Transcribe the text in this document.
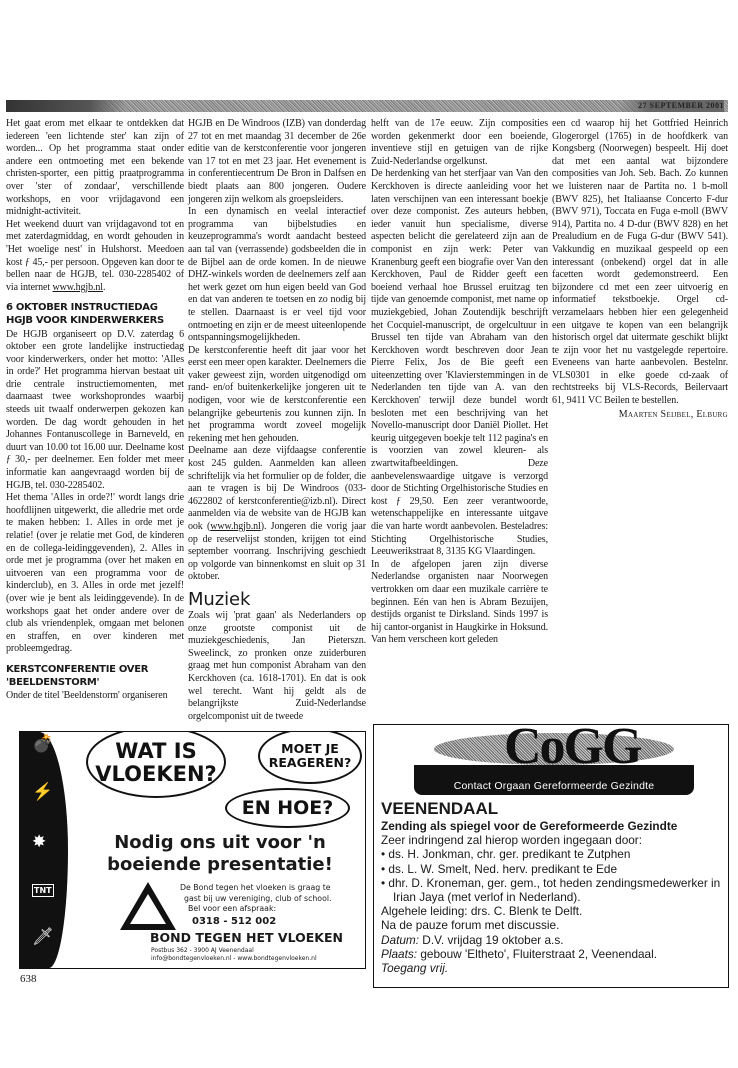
27 SEPTEMBER 2001

Het gaat erom met elkaar te ontdekken dat iedereen 'een lichtende ster' kan zijn of worden... Op het programma staat onder andere een ontmoeting met een bekende christen-sporter, een pittig praatprogramma over 'ster of zondaar', verschillende workshops, en voor vrijdagavond een midnight-activiteit.

Het weekend duurt van vrijdagavond tot en met zaterdagmiddag, en wordt gehouden in 'Het woelige nest' in Hulshorst. Meedoen kost ƒ 45,- per persoon. Opgeven kan door te bellen naar de HGJB, tel. 030-2285402 of via internet www.hgjb.nl.

6 OKTOBER INSTRUCTIEDAG HGJB VOOR KINDERWERKERS

De HGJB organiseert op D.V. zaterdag 6 oktober een grote landelijke instructiedag voor kinderwerkers, onder het motto: 'Alles in orde?' Het programma hiervan bestaat uit drie centrale instructiemomenten, met daarnaast twee workshoprondes waarbij steeds uit twaalf onderwerpen gekozen kan worden. De dag wordt gehouden in het Johannes Fontanuscollege in Barneveld, en duurt van 10.00 tot 16.00 uur. Deelname kost ƒ 30,- per deelnemer. Een folder met meer informatie kan aangevraagd worden bij de HGJB, tel. 030-2285402.

Het thema 'Alles in orde?!' wordt langs drie hoofdlijnen uitgewerkt, die alledrie met orde te maken hebben: 1. Alles in orde met je relatie! (over je relatie met God, de kinderen en de collega-leidinggevenden), 2. Alles in orde met je programma (over het maken en uitvoeren van een programma voor de kinderclub), en 3. Alles in orde met jezelf! (over wie je bent als leidinggevende). In de workshops gaat het onder andere over de club als vriendenplek, omgaan met belonen en straffen, en over kinderen met probleemgedrag.

KERSTCONFERENTIE OVER 'BEELDENSTORM'

Onder de titel 'Beeldenstorm' organiseren

HGJB en De Windroos (IZB) van donderdag 27 tot en met maandag 31 december de 26e editie van de kerstconferentie voor jongeren van 17 tot en met 23 jaar. Het evenement is in conferentiecentrum De Bron in Dalfsen en biedt plaats aan 800 jongeren. Oudere jongeren zijn welkom als groepsleiders.

In een dynamisch en veelal interactief programma van bijbelstudies en keuzeprogramma's wordt aandacht besteed aan tal van (verrassende) godsbeelden die in de Bijbel aan de orde komen. In de nieuwe DHZ-winkels worden de deelnemers zelf aan het werk gezet om hun eigen beeld van God en dat van anderen te toetsen en zo nodig bij te stellen. Daarnaast is er veel tijd voor ontmoeting en zijn er de meest uiteenlopende ontspanningsmogelijkheden.

De kerstconferentie heeft dit jaar voor het eerst een meer open karakter. Deelnemers die vaker geweest zijn, worden uitgenodigd om rand- en/of buitenkerkelijke jongeren uit te nodigen, voor wie de kerstconferentie een belangrijke gebeurtenis zou kunnen zijn. In het programma wordt zoveel mogelijk rekening met hen gehouden.

Deelname aan deze vijfdaagse conferentie kost 245 gulden. Aanmelden kan alleen schriftelijk via het formulier op de folder, die aan te vragen is bij De Windroos (033-4622802 of kerstconferentie@izb.nl). Direct aanmelden via de website van de HGJB kan ook (www.hgjb.nl). Jongeren die vorig jaar op de reservelijst stonden, krijgen tot eind september voorrang. Inschrijving geschiedt op volgorde van binnenkomst en sluit op 31 oktober.

Muziek

Zoals wij 'prat gaan' als Nederlanders op onze grootste componist uit de muziekgeschiedenis, Jan Pieterszn. Sweelinck, zo pronken onze zuiderburen graag met hun componist Abraham van den Kerckhoven (ca. 1618-1701). En dat is ook wel terecht. Want hij geldt als de belangrijkste Zuid-Nederlandse orgelcomponist uit de tweede

helft van de 17e eeuw. Zijn composities worden gekenmerkt door een boeiende, inventieve stijl en getuigen van de rijke Zuid-Nederlandse orgelkunst.

De herdenking van het sterfjaar van Van den Kerckhoven is directe aanleiding voor het laten verschijnen van een interessant boekje over deze componist. Zes auteurs hebben, ieder vanuit hun specialisme, diverse aspecten belicht die gerelateerd zijn aan de componist en zijn werk: Peter van Kranenburg geeft een biografie over Van den Kerckhoven, Paul de Ridder geeft een boeiend verhaal hoe Brussel eruitzag ten tijde van genoemde componist, met name op muziekgebied, Johan Zoutendijk beschrijft het Cocquiel-manuscript, de orgelcultuur in Brussel ten tijde van Abraham van den Kerckhoven wordt beschreven door Jean Pierre Felix, Jos de Bie geeft een uiteenzetting over 'Klavierstemmingen in de Nederlanden ten tijde van A. van den Kerckhoven' terwijl deze bundel wordt besloten met een beschrijving van het Novello-manuscript door Daniël Piollet. Het keurig uitgegeven boekje telt 112 pagina's en is voorzien van zowel kleuren- als zwartwitafbeeldingen. Deze aanbevelenswaardige uitgave is verzorgd door de Stichting Orgelhistorische Studies en kost ƒ 29,50. Een zeer verantwoorde, wetenschappelijke en interessante uitgave die van harte wordt aanbevolen. Besteladres: Stichting Orgelhistorische Studies, Leeuwerikstraat 8, 3135 KG Vlaardingen.

In de afgelopen jaren zijn diverse Nederlandse organisten naar Noorwegen vertrokken om daar een muzikale carrière te beginnen. Eén van hen is Abram Bezuijen, destijds organist te Dirksland. Sinds 1997 is hij cantor-organist in Haugkirke in Hoksund. Van hem verscheen kort geleden

een cd waarop hij het Gottfried Heinrich Glogerorgel (1765) in de hoofdkerk van Kongsberg (Noorwegen) bespeelt. Hij doet dat met een aantal wat bijzondere composities van Joh. Seb. Bach. Zo kunnen we luisteren naar de Partita no. 1 b-moll (BWV 825), het Italiaanse Concerto F-dur (BWV 971), Toccata en Fuga e-moll (BWV 914), Partita no. 4 D-dur (BWV 828) en het Prealudium en de Fuga G-dur (BWV 541). Vakkundig en muzikaal gespeeld op een interessant (onbekend) orgel dat in alle facetten wordt gedemonstreerd. Een bijzondere cd met een zeer uitvoerig en informatief tekstboekje. Orgel cd-verzamelaars hebben hier een gelegenheid een uitgave te kopen van een belangrijk historisch orgel dat uitermate geschikt blijkt te zijn voor het nu vastgelegde repertoire. Eveneens van harte aanbevolen. Bestelnr. VLS0301 in elke goede cd-zaak of rechtstreeks bij VLS-Records, Beilervaart 61, 9411 VC Beilen te bestellen.

Maarten Seijbel, Elburg
💣
⚡
✸
TNT
🗡
WAT IS VLOEKEN?
MOET JE REAGEREN?
EN HOE?
Nodig ons uit voor 'n boeiende presentatie!
De Bond tegen het vloeken is graag te
gast bij uw vereniging, club of school.
Bel voor een afspraak:
0318 - 512 002
BOND TEGEN HET VLOEKEN
Postbus 362 - 3900 AJ Veenendaal
info@bondtegenvloeken.nl - www.bondtegenvloeken.nl
Contact Orgaan Gereformeerde Gezindte
CoGG
VEENENDAAL
Zending als spiegel voor de Gereformeerde Gezindte
Zeer indringend zal hierop worden ingegaan door:
• ds. H. Jonkman, chr. ger. predikant te Zutphen
• ds. L. W. Smelt, Ned. herv. predikant te Ede
• dhr. D. Kroneman, ger. gem., tot heden zendingsmedewerker in Irian Jaya (met verlof in Nederland).
Algehele leiding: drs. C. Blenk te Delft.
Na de pauze forum met discussie.
Datum: D.V. vrijdag 19 oktober a.s.
Plaats: gebouw 'Eltheto', Fluiterstraat 2, Veenendaal.
Toegang vrij.
638
